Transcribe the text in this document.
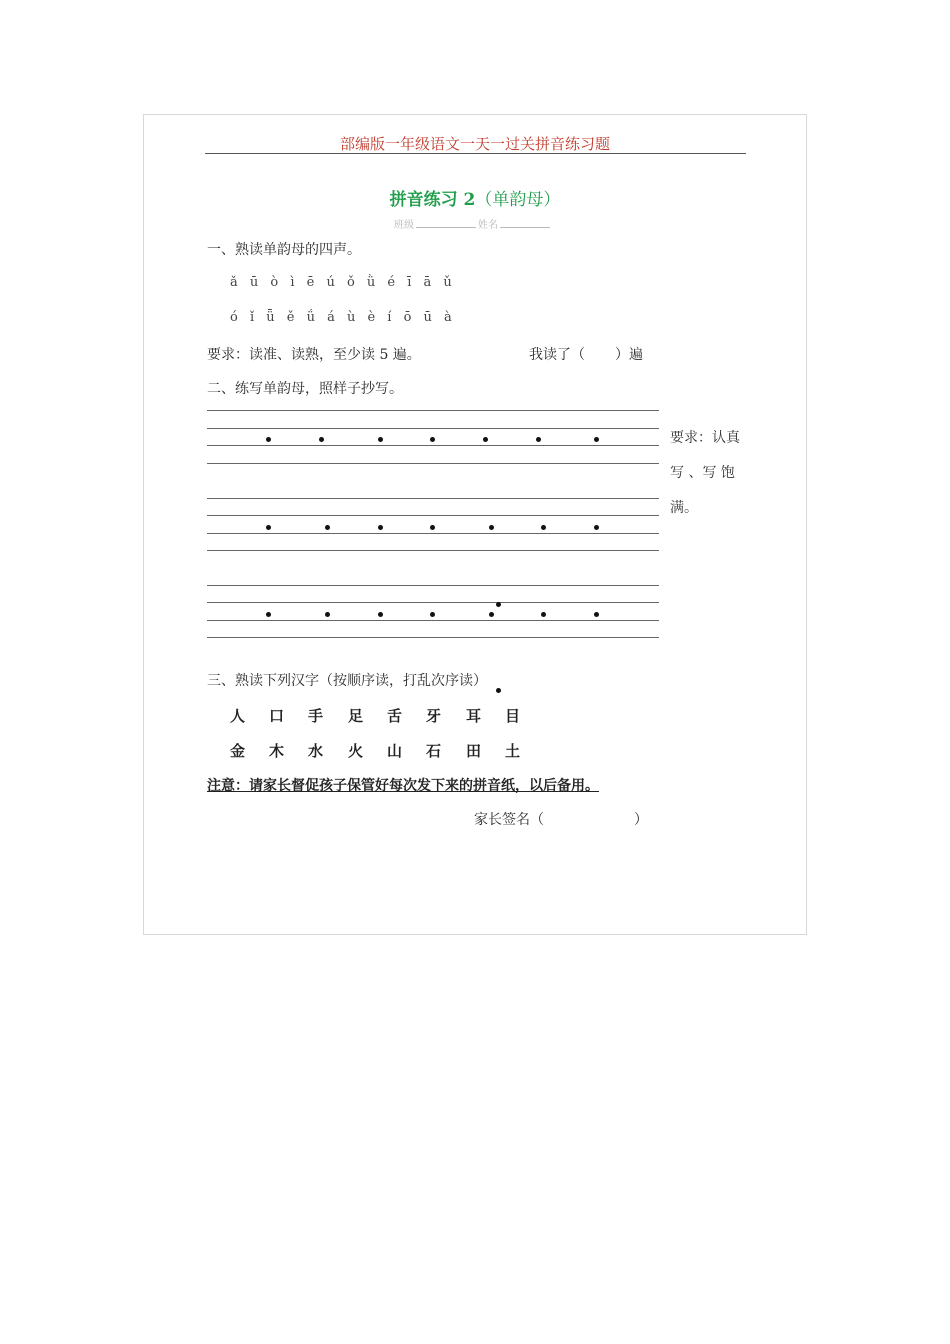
部编版一年级语文一天一过关拼音练习题
拼音练习 2（单韵母）
班级	姓名
一、熟读单韵母的四声。
ǎ ū ò ì ē ú ǒ ǜ é ī ā ǔ
ó ǐ ǖ ě ǘ á ù è í ō ū à
要求：读准、读熟，至少读 5 遍。	我读了（ ）遍
二、练写单韵母，照样子抄写。
要求：认真
写 、写 饱
满。
三、熟读下列汉字（按顺序读，打乱次序读）
人 口 手 足 舌 牙 耳 目
金 木 水 火 山 石 田 土
注意：请家长督促孩子保管好每次发下来的拼音纸，以后备用。
家长签名（	）
